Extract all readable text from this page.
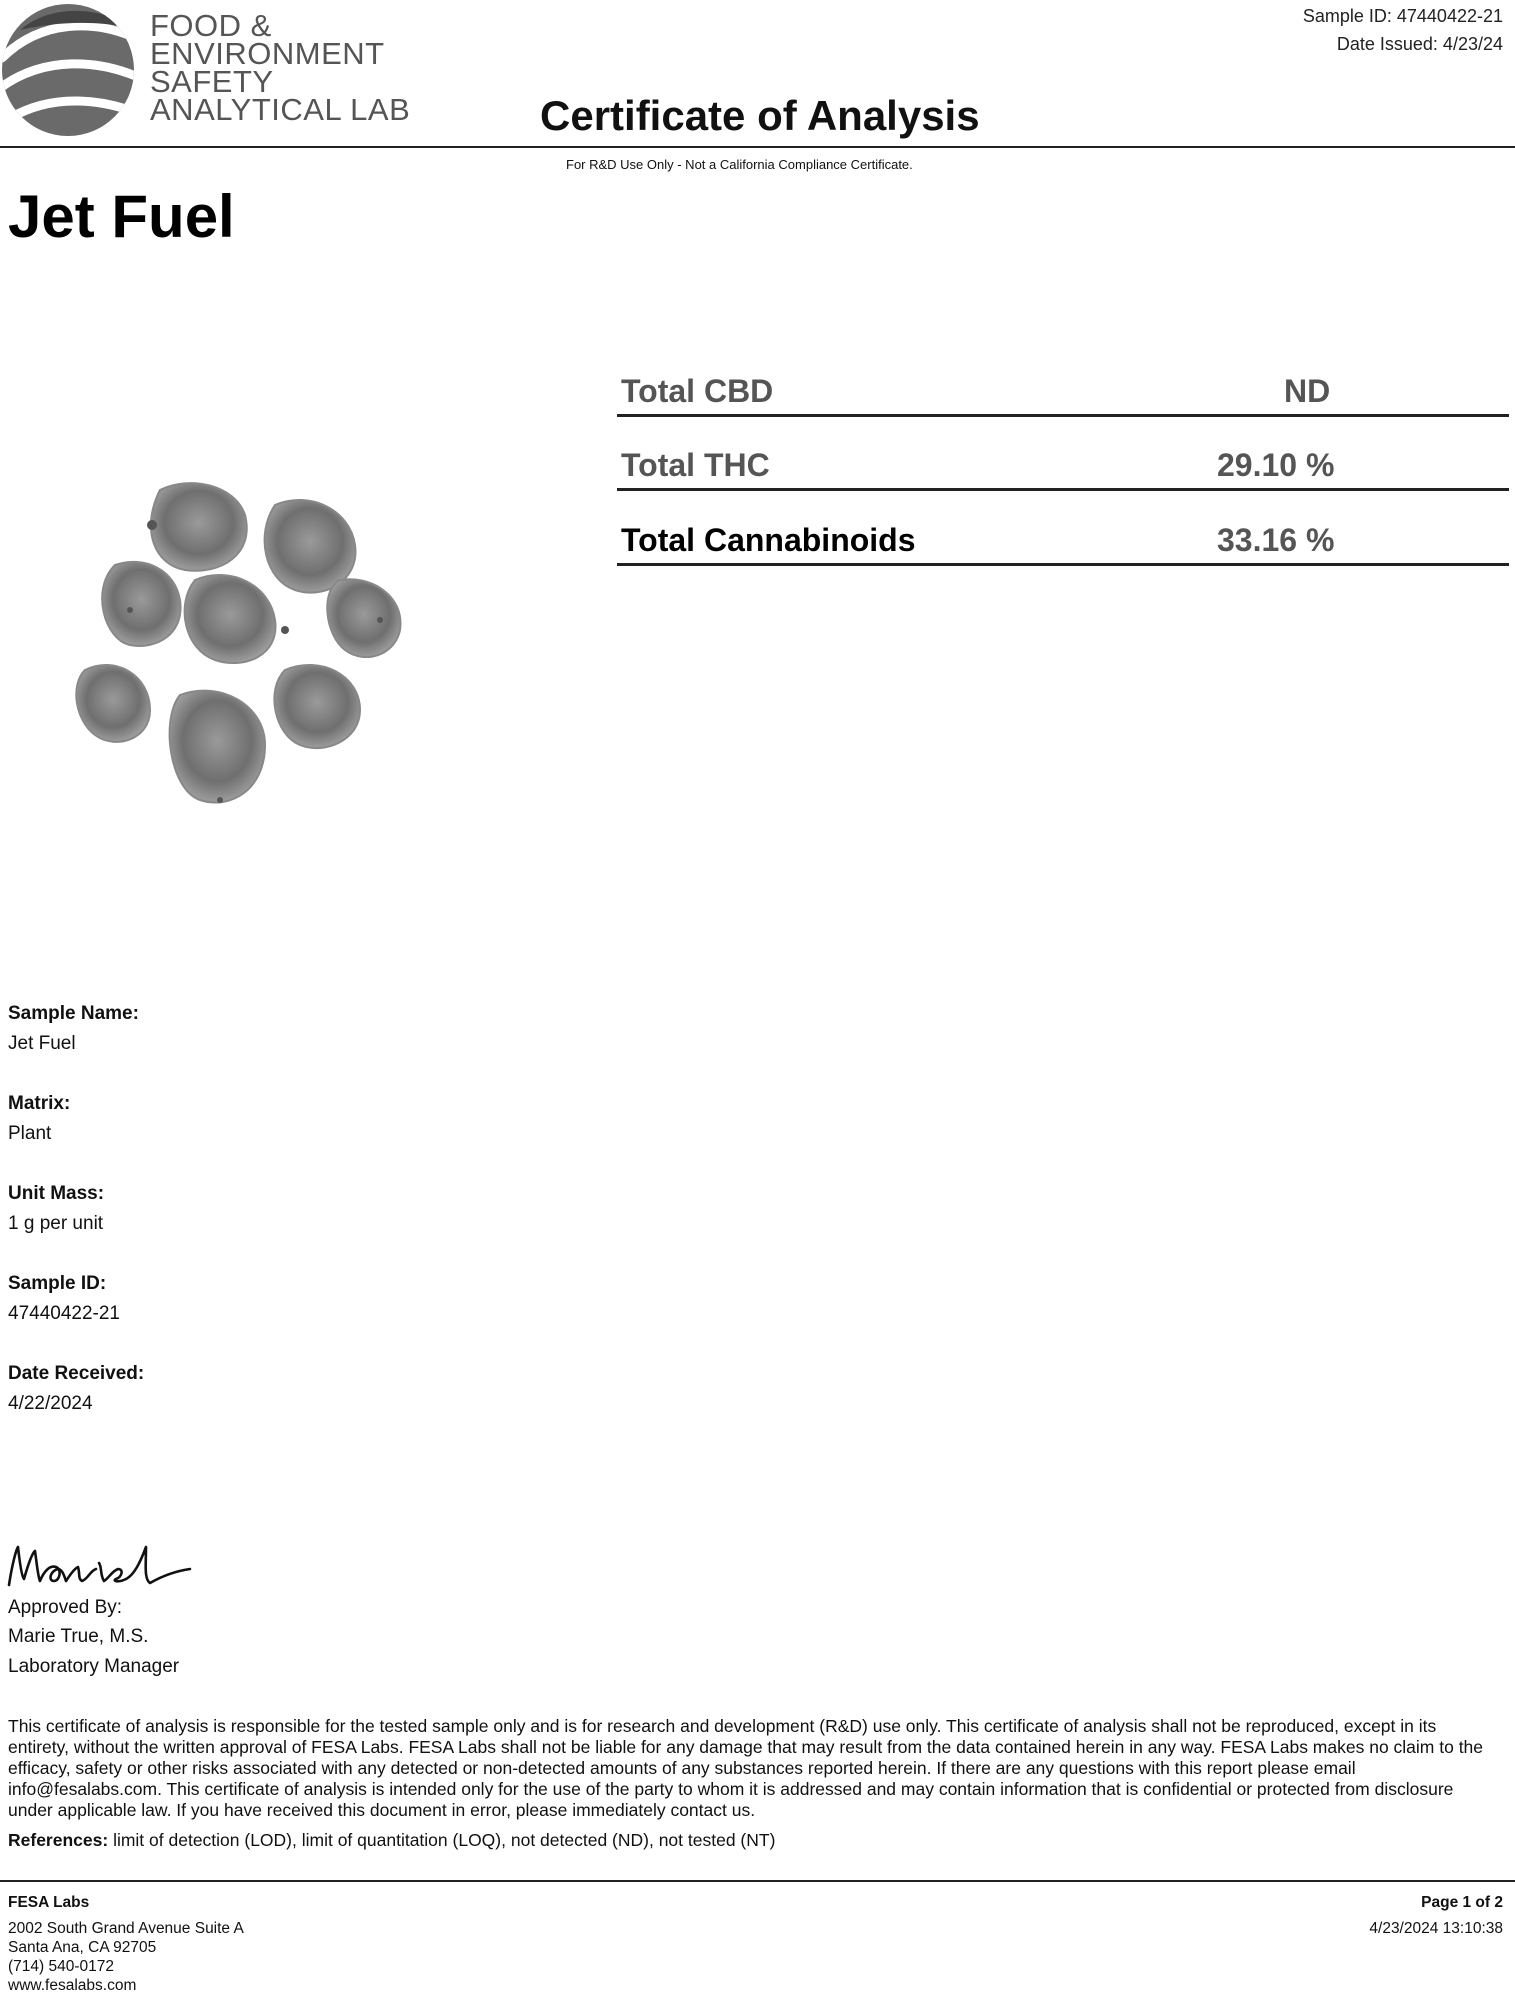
FOOD &
ENVIRONMENT
SAFETY
ANALYTICAL LAB	Certificate of Analysis
Sample ID: 47440422-21
Date Issued: 4/23/24
For R&D Use Only - Not a California Compliance Certificate.
Jet Fuel
Total CBD	ND
Total THC	29.10 %
Total Cannabinoids	33.16 %
Sample Name:
Jet Fuel
Matrix:
Plant
Unit Mass:
1 g per unit
Sample ID:
47440422-21
Date Received:
4/22/2024
Approved By:
Marie True, M.S.
Laboratory Manager
This certificate of analysis is responsible for the tested sample only and is for research and development (R&D) use only. This certificate of analysis shall not be reproduced, except in its entirety, without the written approval of FESA Labs. FESA Labs shall not be liable for any damage that may result from the data contained herein in any way. FESA Labs makes no claim to the efficacy, safety or other risks associated with any detected or non-detected amounts of any substances reported herein. If there are any questions with this report please email info@fesalabs.com. This certificate of analysis is intended only for the use of the party to whom it is addressed and may contain information that is confidential or protected from disclosure under applicable law. If you have received this document in error, please immediately contact us.
References: limit of detection (LOD), limit of quantitation (LOQ), not detected (ND), not tested (NT)
FESA Labs
2002 South Grand Avenue Suite A
Santa Ana, CA 92705
(714) 540-0172
www.fesalabs.com
Page 1 of 2
4/23/2024 13:10:38
